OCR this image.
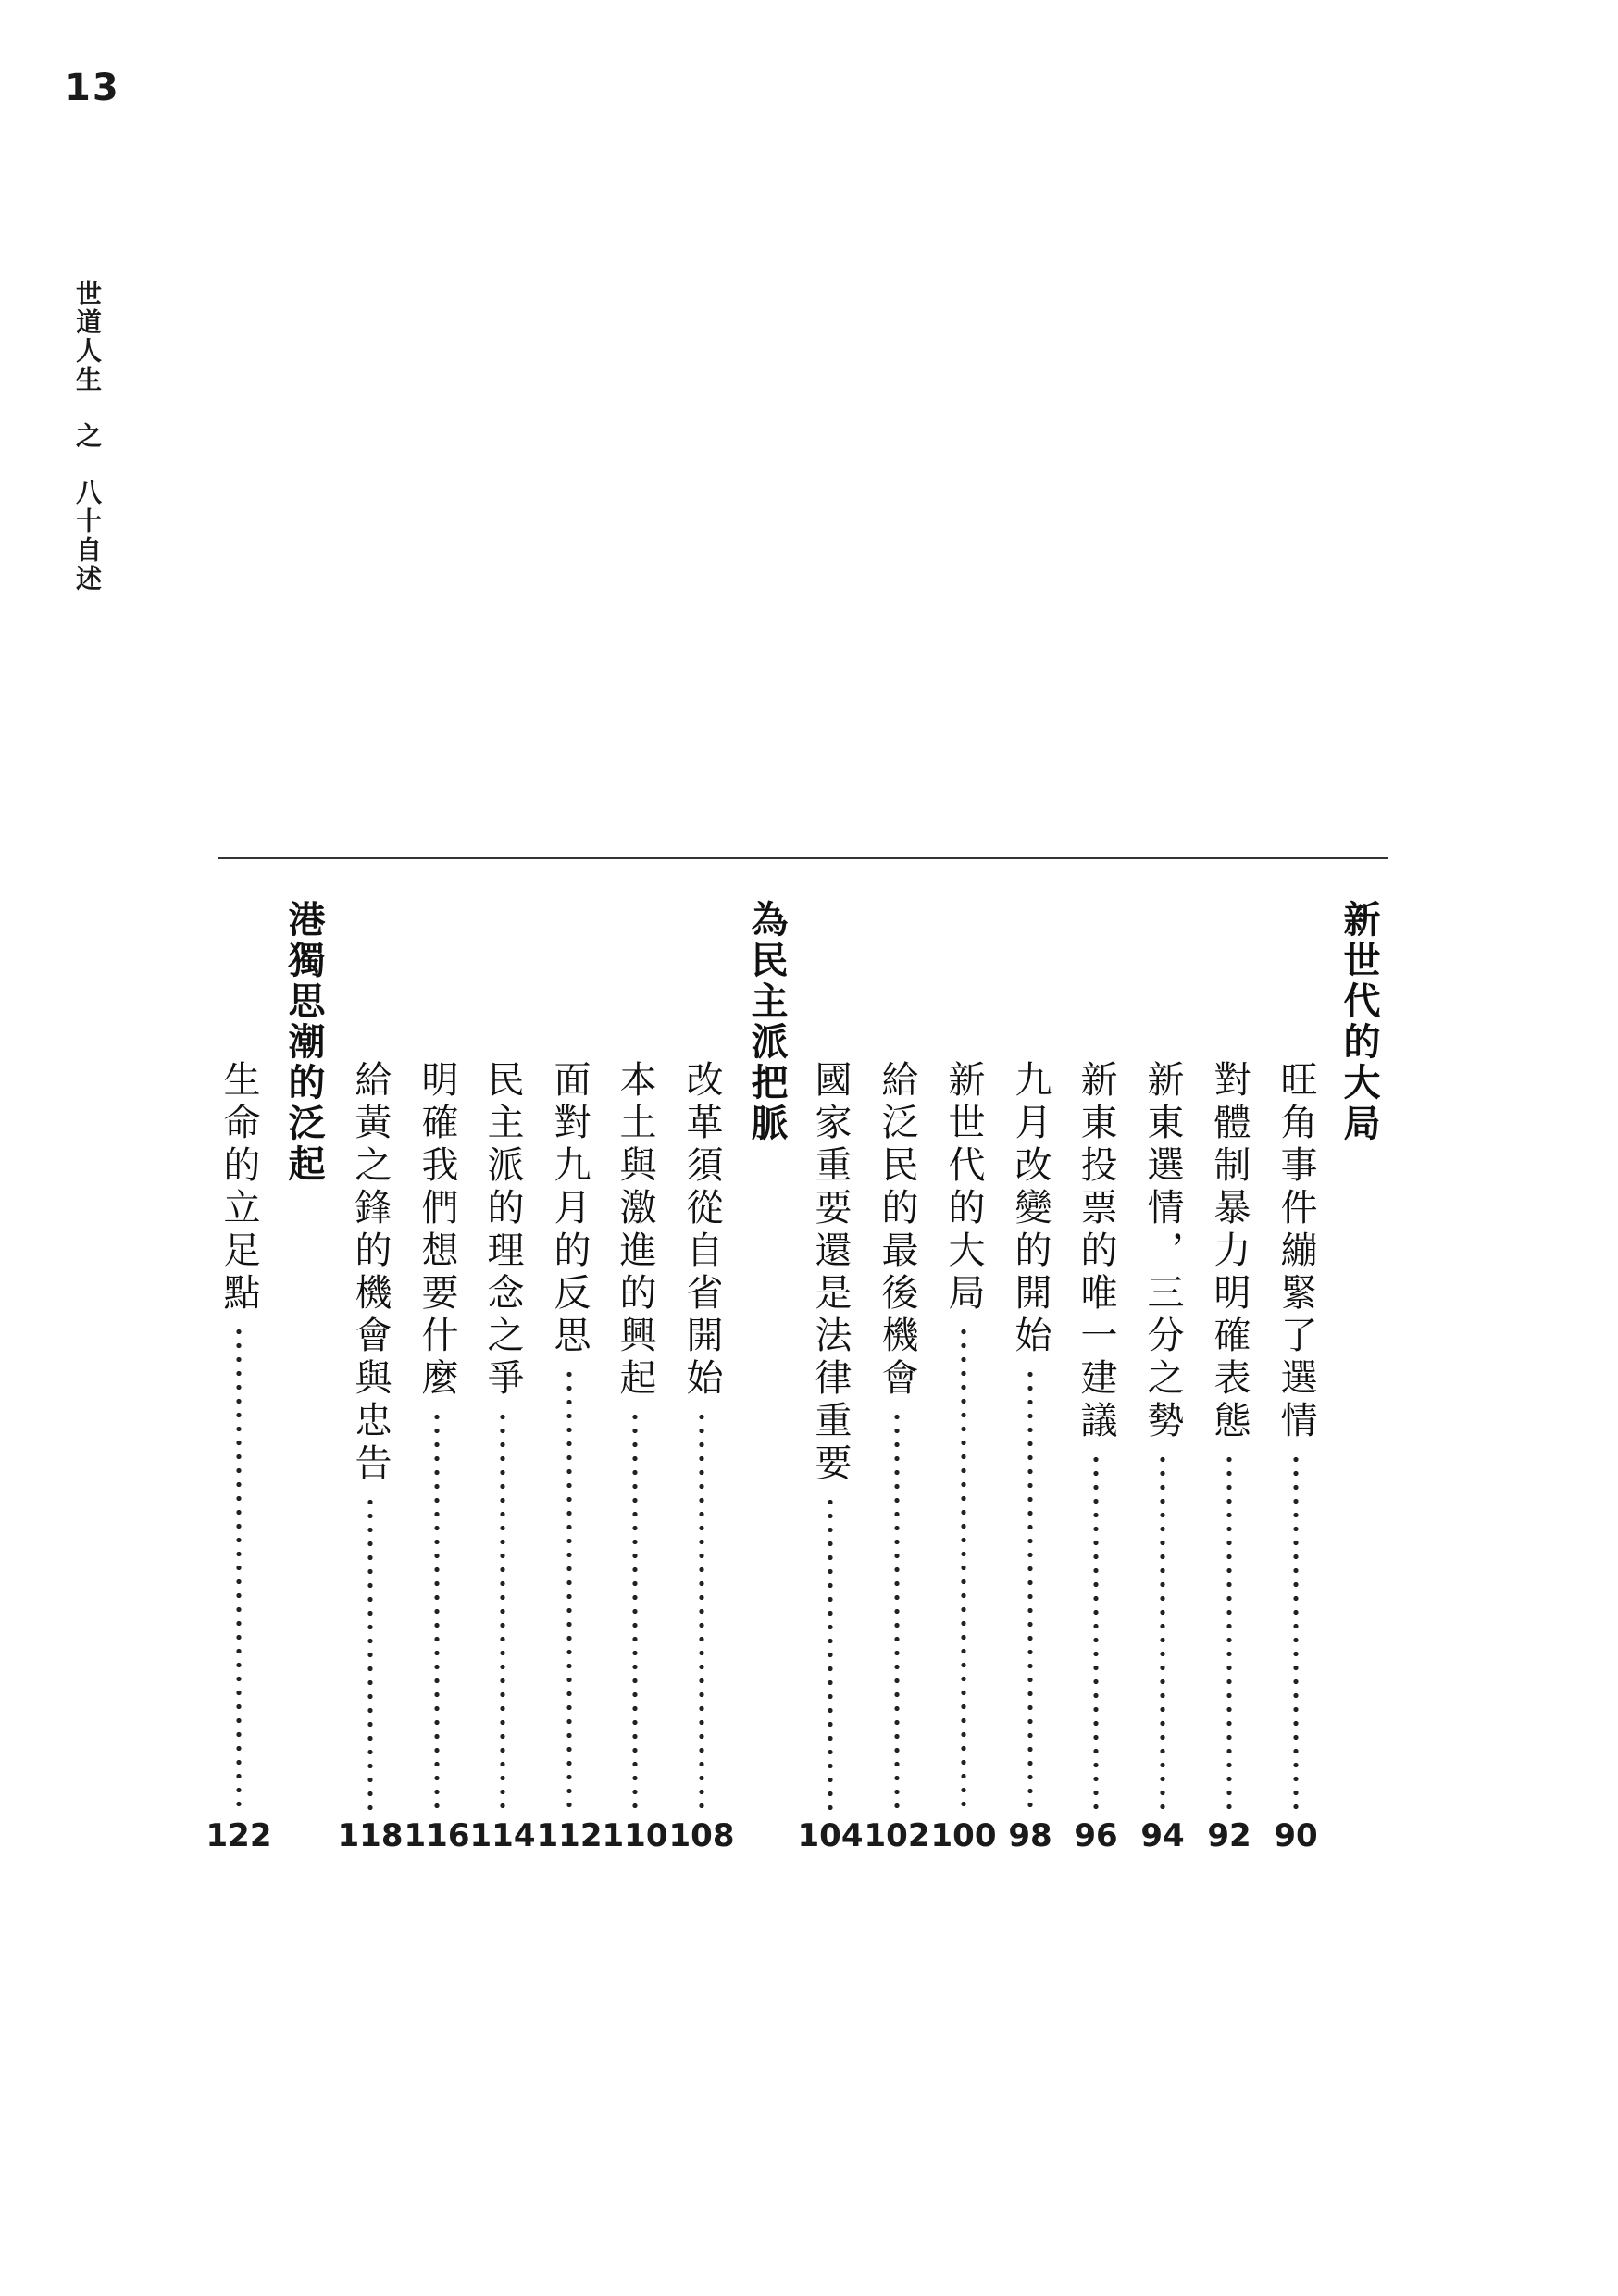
13
世道人生
之
八十自述
新世代的大局
旺角事件繃緊了選情
90
對體制暴力明確表態
92
新東選情，三分之勢
94
新東投票的唯一建議
96
九月改變的開始
98
新世代的大局
100
給泛民的最後機會
102
國家重要還是法律重要
104
為民主派把脈
改革須從自省開始
108
本土與激進的興起
110
面對九月的反思
112
民主派的理念之爭
114
明確我們想要什麼
116
給黃之鋒的機會與忠告
118
港獨思潮的泛起
生命的立足點
122
